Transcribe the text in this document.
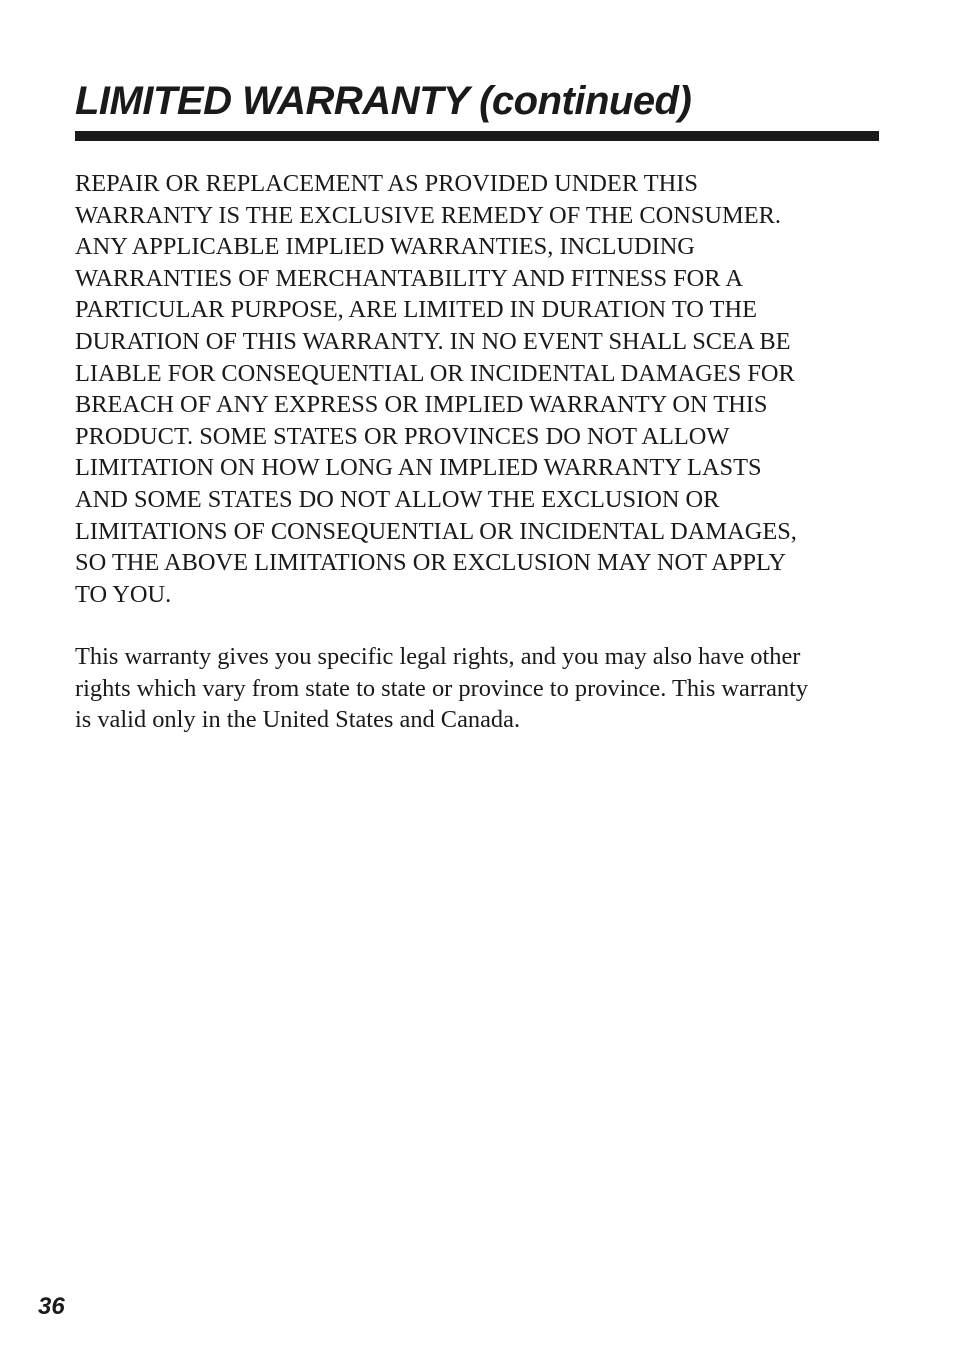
LIMITED WARRANTY (continued)

REPAIR OR REPLACEMENT AS PROVIDED UNDER THIS
WARRANTY IS THE EXCLUSIVE REMEDY OF THE CONSUMER.
ANY APPLICABLE IMPLIED WARRANTIES, INCLUDING
WARRANTIES OF MERCHANTABILITY AND FITNESS FOR A
PARTICULAR PURPOSE, ARE LIMITED IN DURATION TO THE
DURATION OF THIS WARRANTY. IN NO EVENT SHALL SCEA BE
LIABLE FOR CONSEQUENTIAL OR INCIDENTAL DAMAGES FOR
BREACH OF ANY EXPRESS OR IMPLIED WARRANTY ON THIS
PRODUCT. SOME STATES OR PROVINCES DO NOT ALLOW
LIMITATION ON HOW LONG AN IMPLIED WARRANTY LASTS
AND SOME STATES DO NOT ALLOW THE EXCLUSION OR
LIMITATIONS OF CONSEQUENTIAL OR INCIDENTAL DAMAGES,
SO THE ABOVE LIMITATIONS OR EXCLUSION MAY NOT APPLY
TO YOU.

This warranty gives you specific legal rights, and you may also have other
rights which vary from state to state or province to province. This warranty
is valid only in the United States and Canada.

36
